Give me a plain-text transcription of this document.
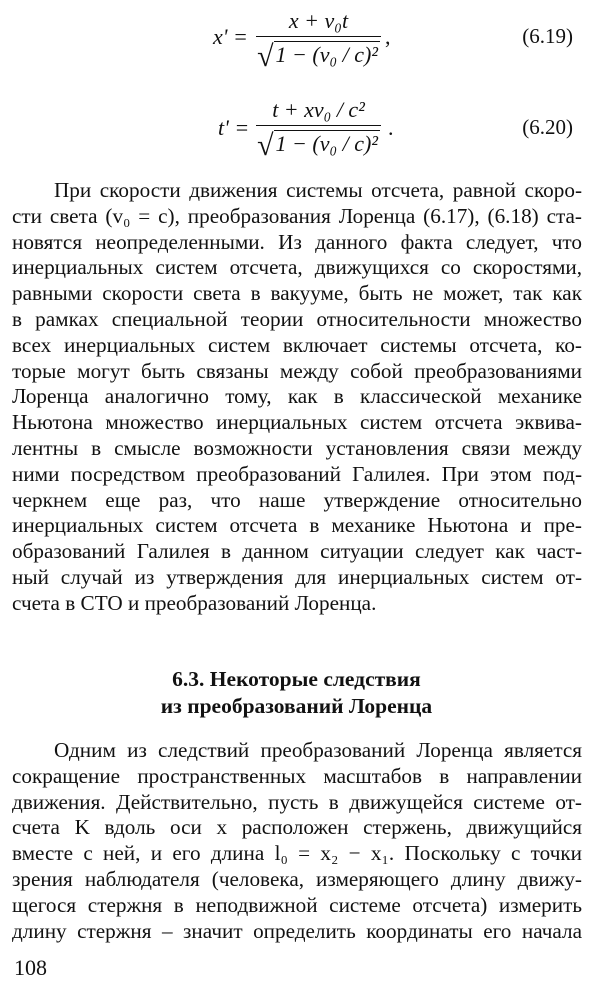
x' =
x + v₀t
√1 − (v₀ / c)²
,	(6.19)
t' =
t + xv₀ / c²
√1 − (v₀ / c)²
.	(6.20)
При скорости движения системы отсчета, равной скоро-
сти света (v₀ = c), преобразования Лоренца (6.17), (6.18) ста-
новятся неопределенными. Из данного факта следует, что
инерциальных систем отсчета, движущихся со скоростями,
равными скорости света в вакууме, быть не может, так как
в рамках специальной теории относительности множество
всех инерциальных систем включает системы отсчета, ко-
торые могут быть связаны между собой преобразованиями
Лоренца аналогично тому, как в классической механике
Ньютона множество инерциальных систем отсчета эквива-
лентны в смысле возможности установления связи между
ними посредством преобразований Галилея. При этом под-
черкнем еще раз, что наше утверждение относительно
инерциальных систем отсчета в механике Ньютона и пре-
образований Галилея в данном ситуации следует как част-
ный случай из утверждения для инерциальных систем от-
счета в СТО и преобразований Лоренца.
6.3. Некоторые следствия
из преобразований Лоренца
Одним из следствий преобразований Лоренца является
сокращение пространственных масштабов в направлении
движения. Действительно, пусть в движущейся системе от-
счета K вдоль оси x расположен стержень, движущийся
вместе с ней, и его длина l₀ = x₂ − x₁. Поскольку с точки
зрения наблюдателя (человека, измеряющего длину движу-
щегося стержня в неподвижной системе отсчета) измерить
длину стержня – значит определить координаты его начала
108
